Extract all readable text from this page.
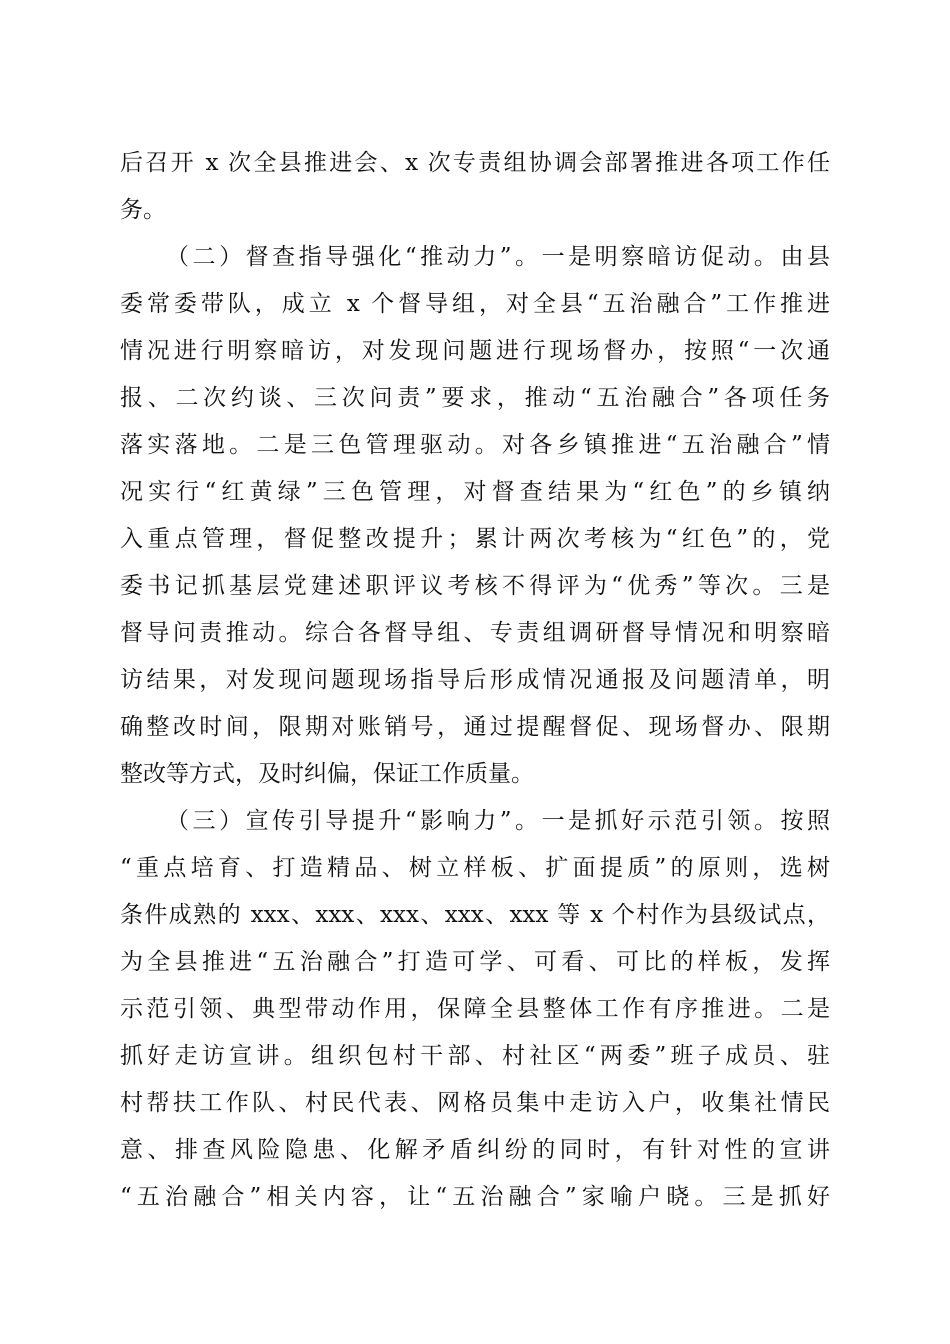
后召开 x 次全县推进会、x 次专责组协调会部署推进各项工作任
务。
（二）督查指导强化“推动力”。一是明察暗访促动。由县
委常委带队，成立 x 个督导组，对全县“五治融合”工作推进
情况进行明察暗访，对发现问题进行现场督办，按照“一次通
报、二次约谈、三次问责”要求，推动“五治融合”各项任务
落实落地。二是三色管理驱动。对各乡镇推进“五治融合”情
况实行“红黄绿”三色管理，对督查结果为“红色”的乡镇纳
入重点管理，督促整改提升；累计两次考核为“红色”的，党
委书记抓基层党建述职评议考核不得评为“优秀”等次。三是
督导问责推动。综合各督导组、专责组调研督导情况和明察暗
访结果，对发现问题现场指导后形成情况通报及问题清单，明
确整改时间，限期对账销号，通过提醒督促、现场督办、限期
整改等方式，及时纠偏，保证工作质量。
（三）宣传引导提升“影响力”。一是抓好示范引领。按照
“重点培育、打造精品、树立样板、扩面提质”的原则，选树
条件成熟的 xxx、xxx、xxx、xxx、xxx 等 x 个村作为县级试点，
为全县推进“五治融合”打造可学、可看、可比的样板，发挥
示范引领、典型带动作用，保障全县整体工作有序推进。二是
抓好走访宣讲。组织包村干部、村社区“两委”班子成员、驻
村帮扶工作队、村民代表、网格员集中走访入户，收集社情民
意、排查风险隐患、化解矛盾纠纷的同时，有针对性的宣讲
“五治融合”相关内容，让“五治融合”家喻户晓。三是抓好
